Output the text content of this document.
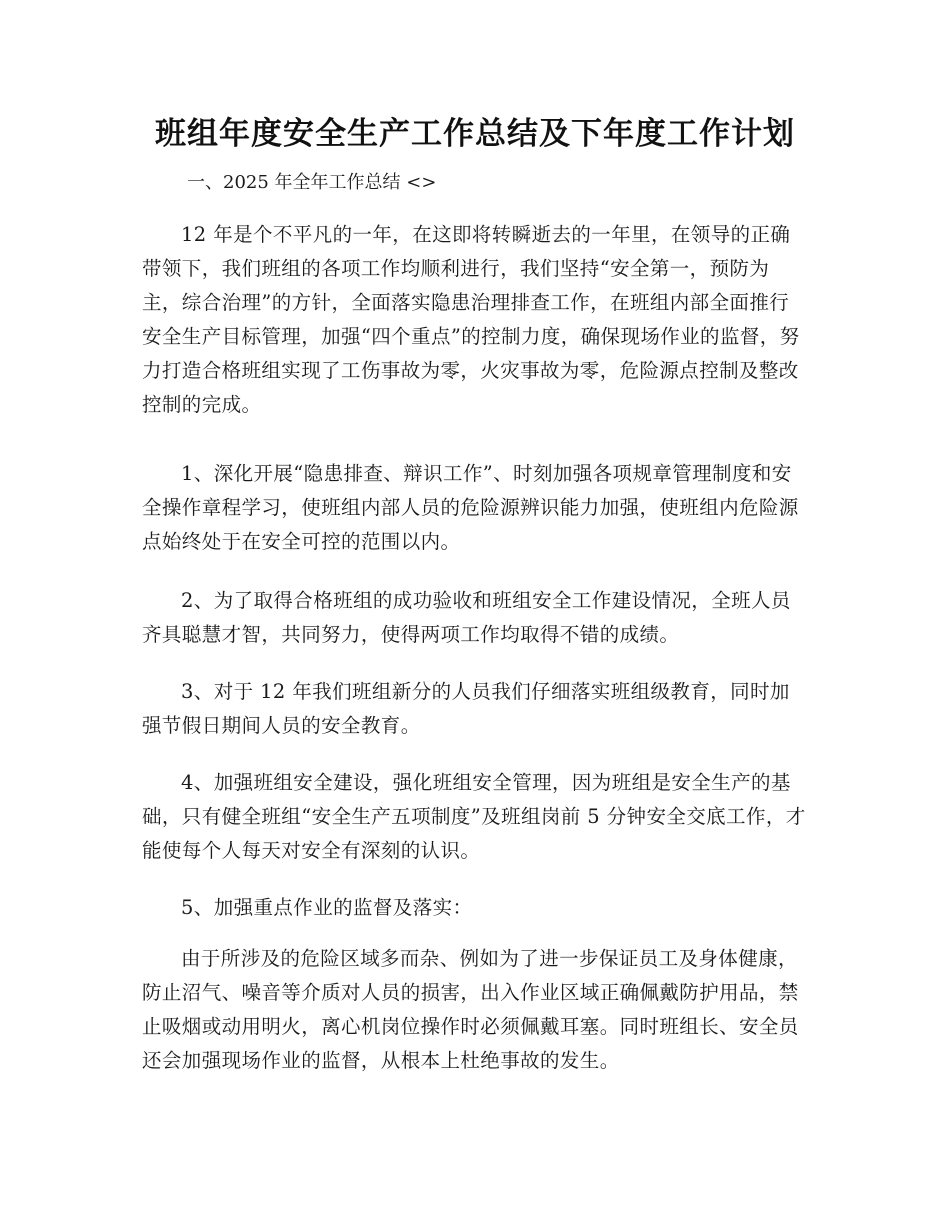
班组年度安全生产工作总结及下年度工作计划

一、2025 年全年工作总结 <>

12 年是个不平凡的一年，在这即将转瞬逝去的一年里，在领导的正确带领下，我们班组的各项工作均顺利进行，我们坚持“安全第一，预防为主，综合治理”的方针，全面落实隐患治理排查工作，在班组内部全面推行安全生产目标管理，加强“四个重点”的控制力度，确保现场作业的监督，努力打造合格班组实现了工伤事故为零，火灾事故为零，危险源点控制及整改控制的完成。

1、深化开展“隐患排查、辩识工作”、时刻加强各项规章管理制度和安全操作章程学习，使班组内部人员的危险源辨识能力加强，使班组内危险源点始终处于在安全可控的范围以内。

2、为了取得合格班组的成功验收和班组安全工作建设情况，全班人员齐具聪慧才智，共同努力，使得两项工作均取得不错的成绩。

3、对于 12 年我们班组新分的人员我们仔细落实班组级教育，同时加强节假日期间人员的安全教育。

4、加强班组安全建设，强化班组安全管理，因为班组是安全生产的基础，只有健全班组“安全生产五项制度”及班组岗前 5 分钟安全交底工作，才能使每个人每天对安全有深刻的认识。

5、加强重点作业的监督及落实：

由于所涉及的危险区域多而杂、例如为了进一步保证员工及身体健康，防止沼气、噪音等介质对人员的损害，出入作业区域正确佩戴防护用品，禁止吸烟或动用明火，离心机岗位操作时必须佩戴耳塞。同时班组长、安全员还会加强现场作业的监督，从根本上杜绝事故的发生。
